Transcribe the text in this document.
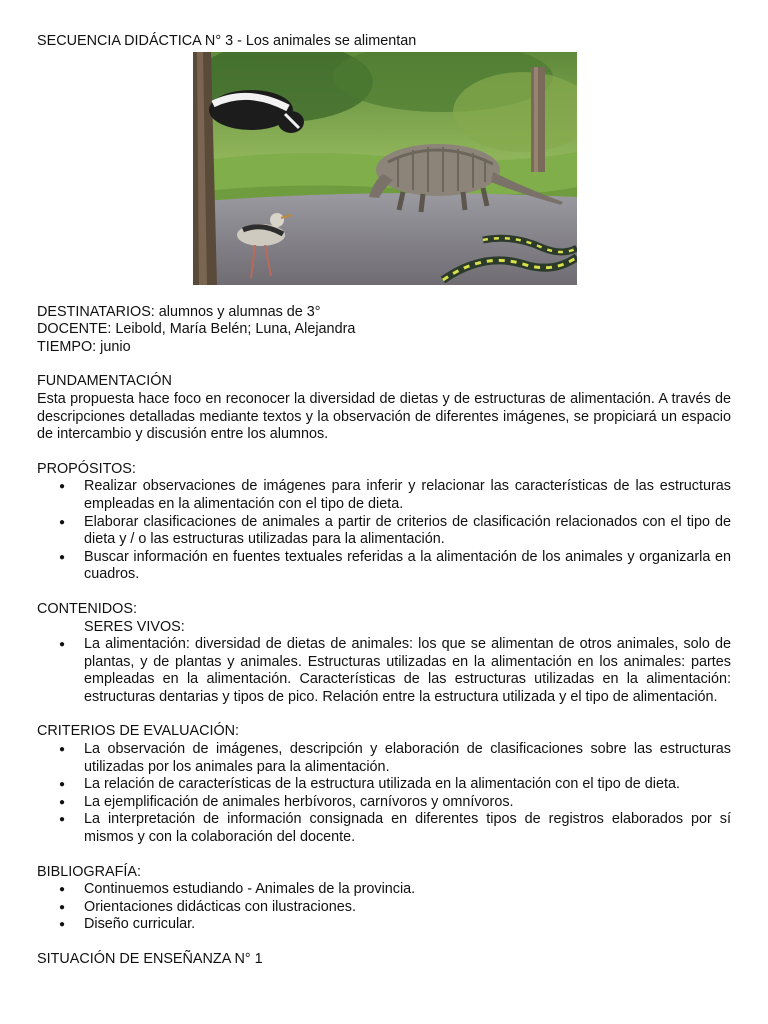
SECUENCIA DIDÁCTICA N° 3 - Los animales se alimentan

DESTINATARIOS: alumnos y alumnas de 3°

DOCENTE: Leibold, María Belén; Luna, Alejandra

TIEMPO: junio

FUNDAMENTACIÓN

Esta propuesta hace foco en reconocer la diversidad de dietas y de estructuras de alimentación. A través de descripciones detalladas mediante textos y la observación de diferentes imágenes, se propiciará un espacio de intercambio y discusión entre los alumnos.

PROPÓSITOS:

● Realizar observaciones de imágenes para inferir y relacionar las características de las estructuras empleadas en la alimentación con el tipo de dieta.
● Elaborar clasificaciones de animales a partir de criterios de clasificación relacionados con el tipo de dieta y / o las estructuras utilizadas para la alimentación.
● Buscar información en fuentes textuales referidas a la alimentación de los animales y organizarla en cuadros.

CONTENIDOS:

SERES VIVOS:

● La alimentación: diversidad de dietas de animales: los que se alimentan de otros animales, solo de plantas, y de plantas y animales. Estructuras utilizadas en la alimentación en los animales: partes empleadas en la alimentación. Características de las estructuras utilizadas en la alimentación: estructuras dentarias y tipos de pico. Relación entre la estructura utilizada y el tipo de alimentación.

CRITERIOS DE EVALUACIÓN:

● La observación de imágenes, descripción y elaboración de clasificaciones sobre las estructuras utilizadas por los animales para la alimentación.
● La relación de características de la estructura utilizada en la alimentación con el tipo de dieta.
● La ejemplificación de animales herbívoros, carnívoros y omnívoros.
● La interpretación de información consignada en diferentes tipos de registros elaborados por sí mismos y con la colaboración del docente.

BIBLIOGRAFÍA:

● Continuemos estudiando - Animales de la provincia.
● Orientaciones didácticas con ilustraciones.
● Diseño curricular.

SITUACIÓN DE ENSEÑANZA N° 1
